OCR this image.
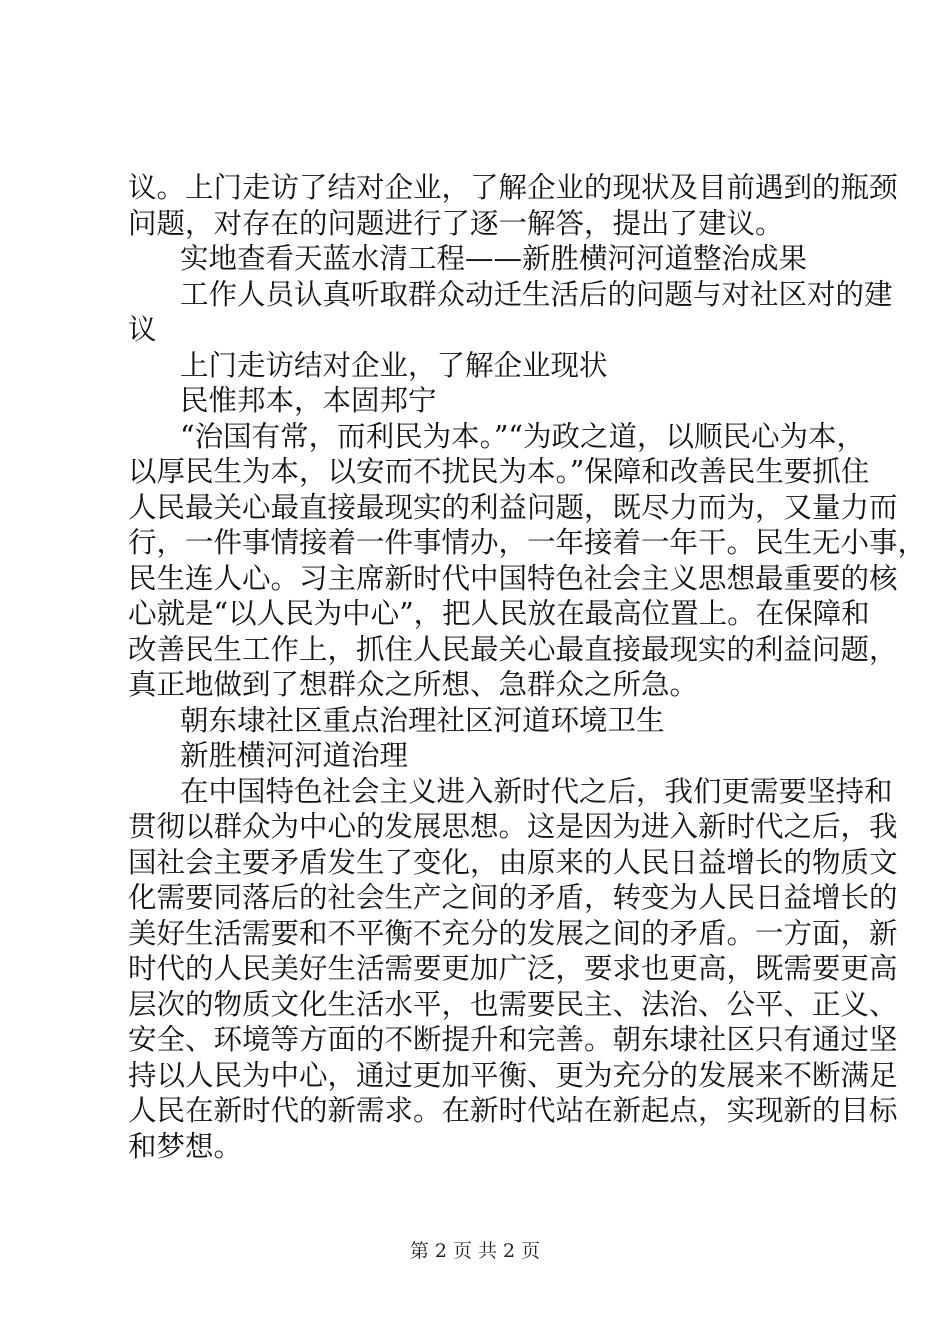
议。上门走访了结对企业，了解企业的现状及目前遇到的瓶颈
问题，对存在的问题进行了逐一解答，提出了建议。
实地查看天蓝水清工程——新胜横河河道整治成果
工作人员认真听取群众动迁生活后的问题与对社区对的建
议
上门走访结对企业，了解企业现状
民惟邦本，本固邦宁
“治国有常，而利民为本。”“为政之道，以顺民心为本，
以厚民生为本，以安而不扰民为本。”保障和改善民生要抓住
人民最关心最直接最现实的利益问题，既尽力而为，又量力而
行，一件事情接着一件事情办，一年接着一年干。民生无小事，
民生连人心。习主席新时代中国特色社会主义思想最重要的核
心就是“以人民为中心”，把人民放在最高位置上。在保障和
改善民生工作上，抓住人民最关心最直接最现实的利益问题，
真正地做到了想群众之所想、急群众之所急。
朝东埭社区重点治理社区河道环境卫生
新胜横河河道治理
在中国特色社会主义进入新时代之后，我们更需要坚持和
贯彻以群众为中心的发展思想。这是因为进入新时代之后，我
国社会主要矛盾发生了变化，由原来的人民日益增长的物质文
化需要同落后的社会生产之间的矛盾，转变为人民日益增长的
美好生活需要和不平衡不充分的发展之间的矛盾。一方面，新
时代的人民美好生活需要更加广泛，要求也更高，既需要更高
层次的物质文化生活水平，也需要民主、法治、公平、正义、
安全、环境等方面的不断提升和完善。朝东埭社区只有通过坚
持以人民为中心，通过更加平衡、更为充分的发展来不断满足
人民在新时代的新需求。在新时代站在新起点，实现新的目标
和梦想。
第 2 页 共 2 页
